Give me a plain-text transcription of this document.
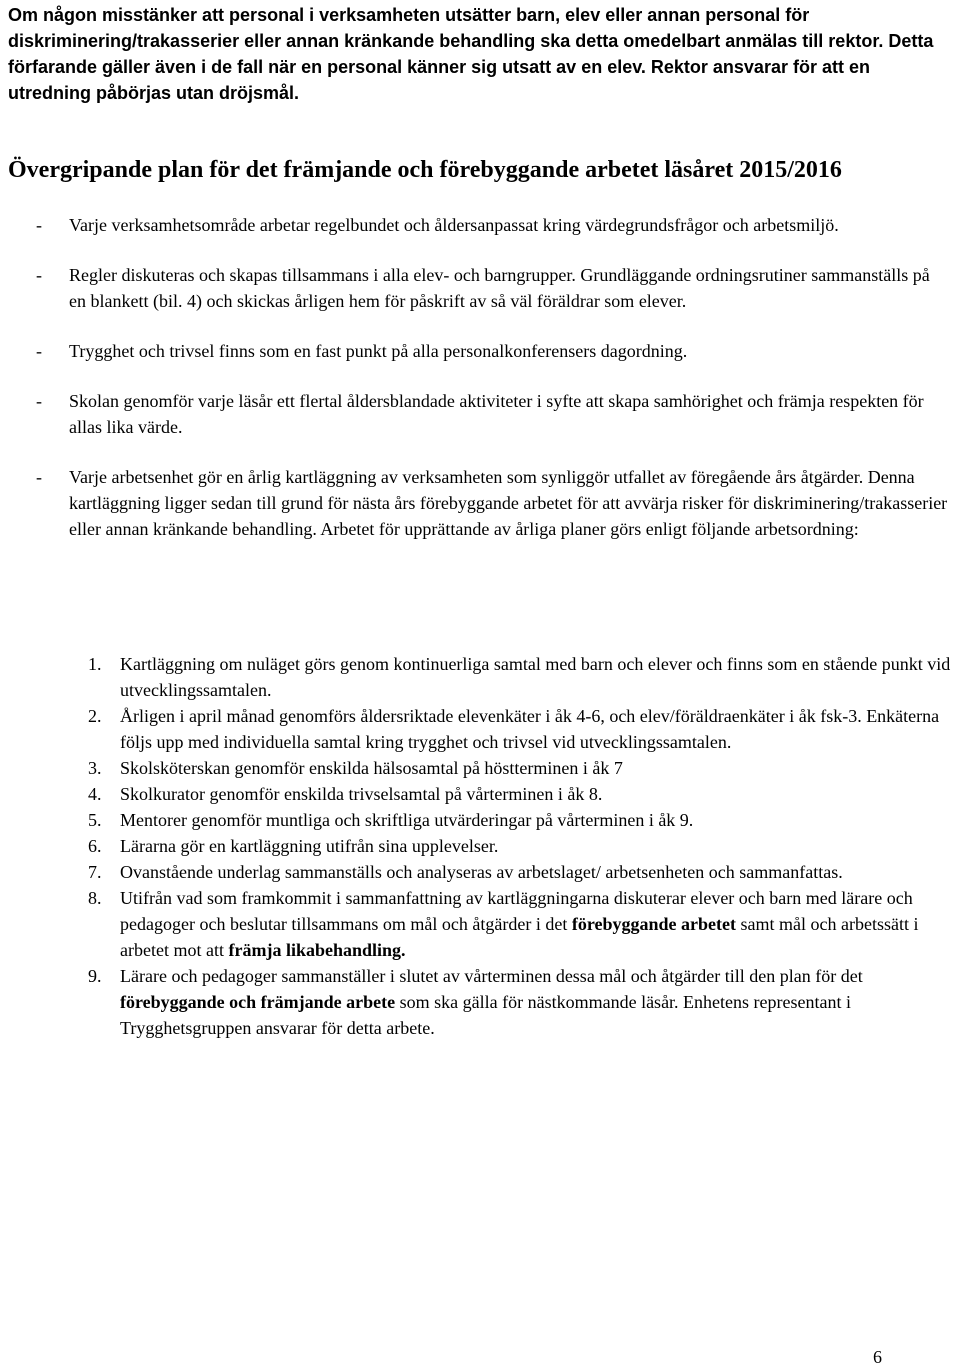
Om någon misstänker att personal i verksamheten utsätter barn, elev eller annan personal för diskriminering/trakasserier eller annan kränkande behandling ska detta omedelbart anmälas till rektor. Detta förfarande gäller även i de fall när en personal känner sig utsatt av en elev. Rektor ansvarar för att en utredning påbörjas utan dröjsmål.

Övergripande plan för det främjande och förebyggande arbetet läsåret 2015/2016
- Varje verksamhetsområde arbetar regelbundet och åldersanpassat kring värdegrundsfrågor och arbetsmiljö.
- Regler diskuteras och skapas tillsammans i alla elev- och barngrupper. Grundläggande ordningsrutiner sammanställs på en blankett (bil. 4) och skickas årligen hem för påskrift av så väl föräldrar som elever.
- Trygghet och trivsel finns som en fast punkt på alla personalkonferensers dagordning.
- Skolan genomför varje läsår ett flertal åldersblandade aktiviteter i syfte att skapa samhörighet och främja respekten för allas lika värde.
- Varje arbetsenhet gör en årlig kartläggning av verksamheten som synliggör utfallet av föregående års åtgärder. Denna kartläggning ligger sedan till grund för nästa års förebyggande arbetet för att avvärja risker för diskriminering/trakasserier eller annan kränkande behandling. Arbetet för upprättande av årliga planer görs enligt följande arbetsordning:
1. Kartläggning om nuläget görs genom kontinuerliga samtal med barn och elever och finns som en stående punkt vid utvecklingssamtalen.
2. Årligen i april månad genomförs åldersriktade elevenkäter i åk 4-6, och elev/föräldraenkäter i åk fsk-3. Enkäterna följs upp med individuella samtal kring trygghet och trivsel vid utvecklingssamtalen.
3. Skolsköterskan genomför enskilda hälsosamtal på höstterminen i åk 7
4. Skolkurator genomför enskilda trivselsamtal på vårterminen i åk 8.
5. Mentorer genomför muntliga och skriftliga utvärderingar på vårterminen i åk 9.
6. Lärarna gör en kartläggning utifrån sina upplevelser.
7. Ovanstående underlag sammanställs och analyseras av arbetslaget/ arbetsenheten och sammanfattas.
8. Utifrån vad som framkommit i sammanfattning av kartläggningarna diskuterar elever och barn med lärare och pedagoger och beslutar tillsammans om mål och åtgärder i det förebyggande arbetet samt mål och arbetssätt i arbetet mot att främja likabehandling.
9. Lärare och pedagoger sammanställer i slutet av vårterminen dessa mål och åtgärder till den plan för det förebyggande och främjande arbete som ska gälla för nästkommande läsår. Enhetens representant i Trygghetsgruppen ansvarar för detta arbete.
6
